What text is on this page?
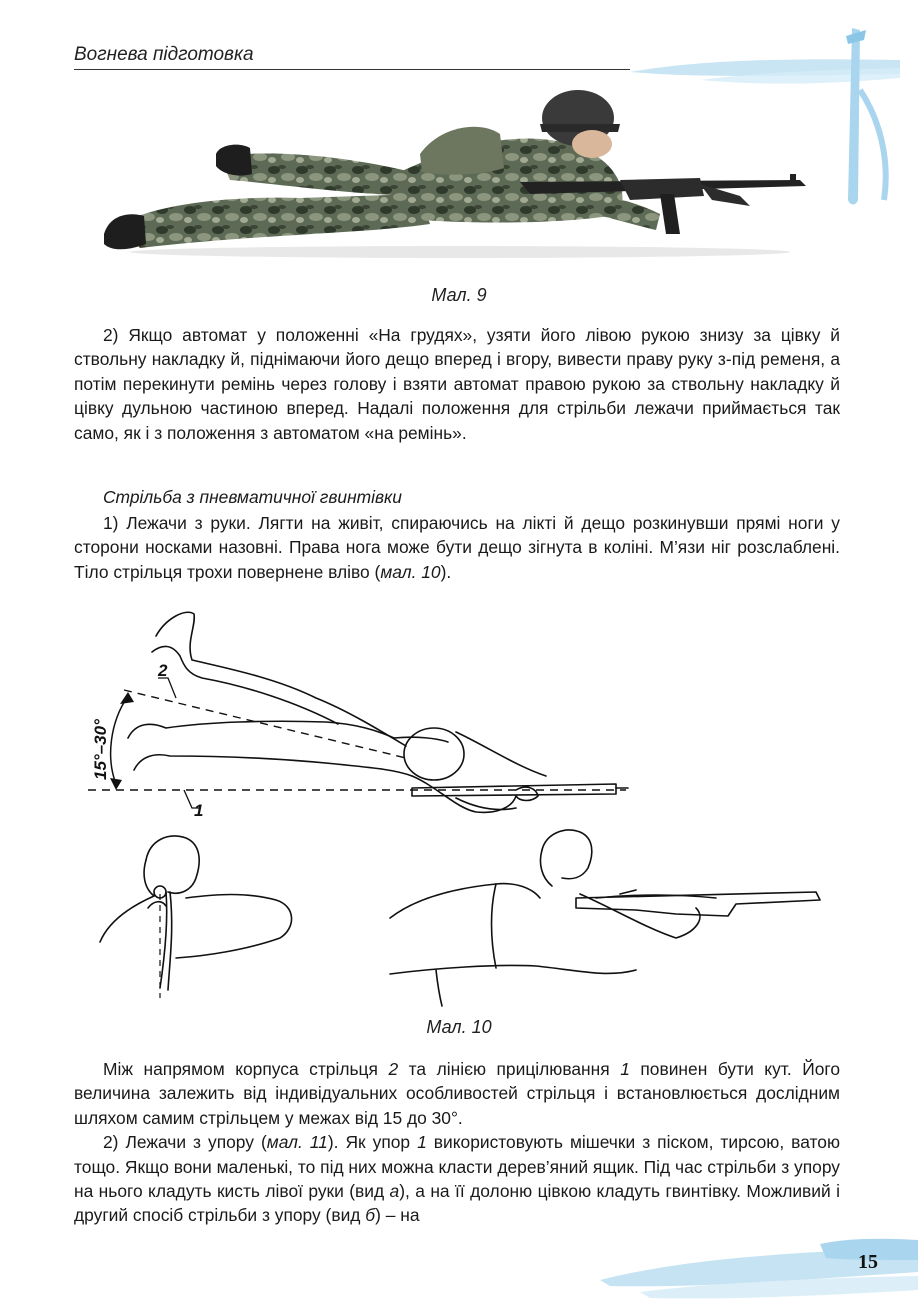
Вогнева підготовка
Мал. 9

2) Якщо автомат у положенні «На грудях», узяти його лівою рукою знизу за цівку й ствольну накладку й, піднімаючи його дещо вперед і вгору, вивести праву руку з-під ременя, а потім перекинути ремінь через голову і взяти автомат правою рукою за ствольну накладку й цівку дульною частиною вперед. Надалі положення для стрільби лежачи приймається так само, як і з положення з автоматом «на ремінь».

Стрільба з пневматичної гвинтівки

1) Лежачи з руки. Лягти на живіт, спираючись на лікті й дещо розкинувши прямі ноги у сторони носками назовні. Права нога може бути дещо зігнута в коліні. М’язи ніг розслаблені. Тіло стрільця трохи повернене вліво (мал. 10).

1
2
15°–30°
Мал. 10

Між напрямом корпуса стрільця 2 та лінією прицілювання 1 повинен бути кут. Його величина залежить від індивідуальних особливостей стрільця і встановлюється дослідним шляхом самим стрільцем у межах від 15 до 30°.

2) Лежачи з упору (мал. 11). Як упор 1 використовують мішечки з піском, тирсою, ватою тощо. Якщо вони маленькі, то під них можна класти дерев’яний ящик. Під час стрільби з упору на нього кладуть кисть лівої руки (вид а), а на її долоню цівкою кладуть гвинтівку. Можливий і другий спосіб стрільби з упору (вид б) – на

15
